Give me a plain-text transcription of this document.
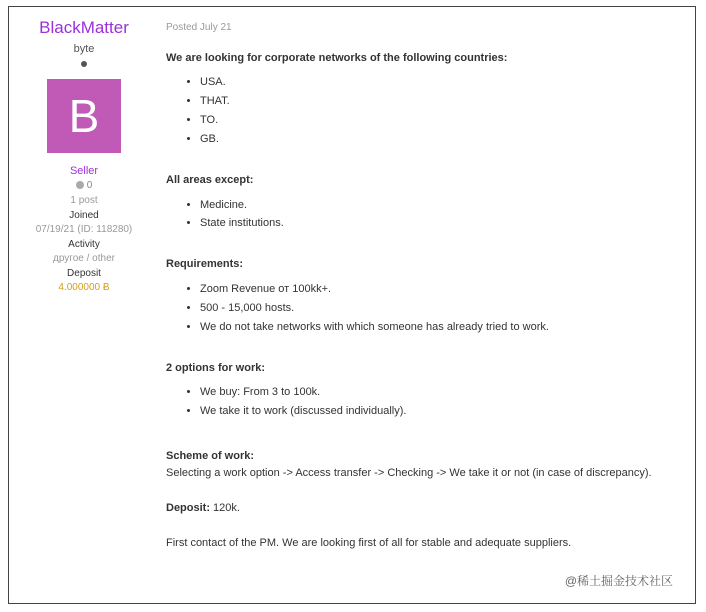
BlackMatter
byte
B
Seller
0
1 post
Joined
07/19/21 (ID: 118280)
Activity
другое / other
Deposit
4.000000 Ƀ
Posted July 21
We are looking for corporate networks of the following countries:
• USA.
• THAT.
• TO.
• GB.
All areas except:
• Medicine.
• State institutions.
Requirements:
• Zoom Revenue от 100kk+.
• 500 - 15,000 hosts.
• We do not take networks with which someone has already tried to work.
2 options for work:
• We buy: From 3 to 100k.
• We take it to work (discussed individually).
Scheme of work:
Selecting a work option -> Access transfer -> Checking -> We take it or not (in case of discrepancy).
Deposit: 120k.
First contact of the PM. We are looking first of all for stable and adequate suppliers.
@稀土掘金技术社区
